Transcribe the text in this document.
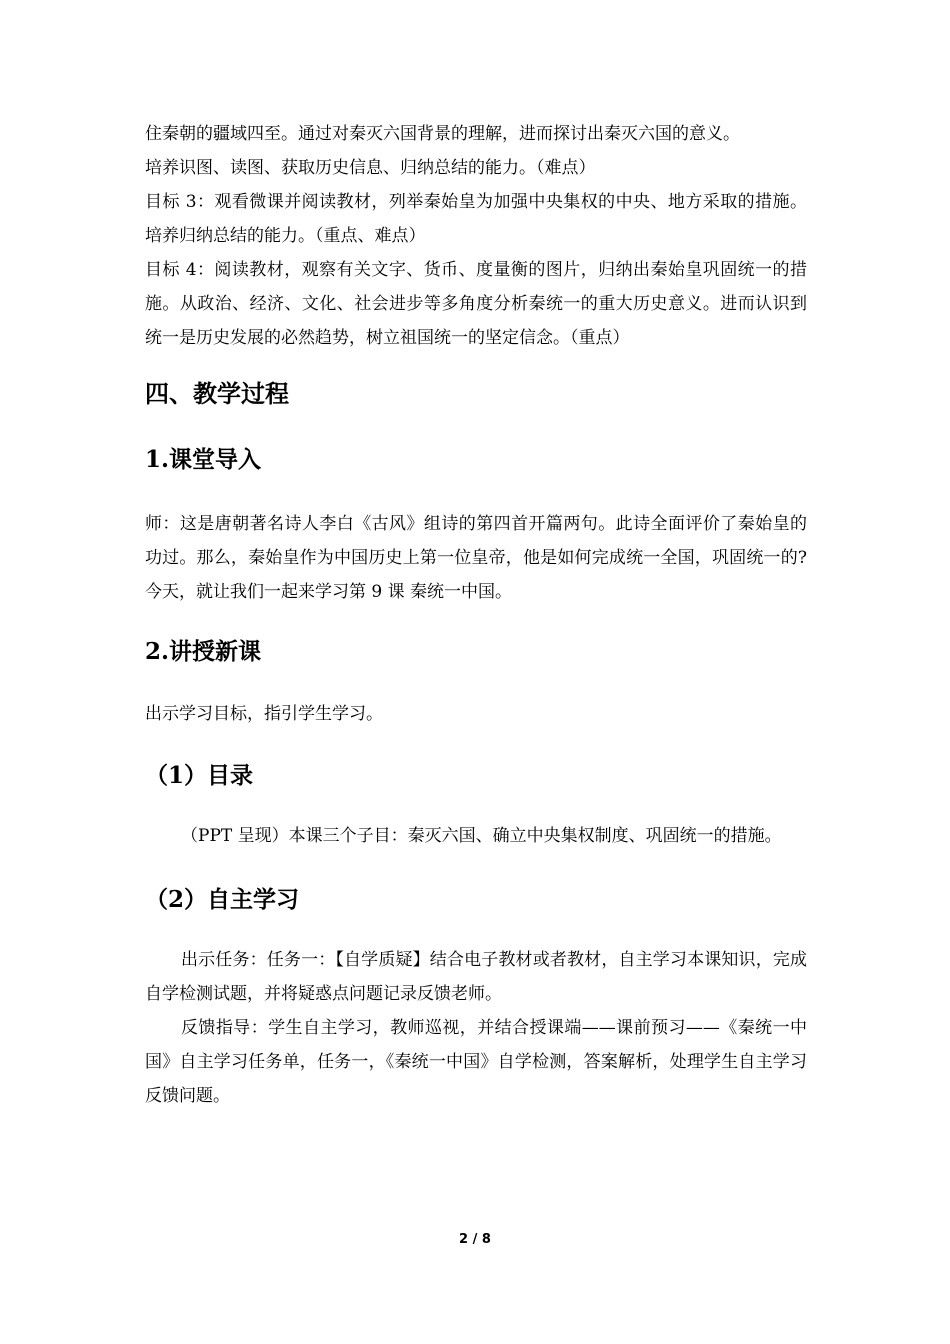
住秦朝的疆域四至。通过对秦灭六国背景的理解，进而探讨出秦灭六国的意义。

培养识图、读图、获取历史信息、归纳总结的能力。（难点）

目标 3：观看微课并阅读教材，列举秦始皇为加强中央集权的中央、地方采取的措施。培养归纳总结的能力。（重点、难点）

目标 4：阅读教材，观察有关文字、货币、度量衡的图片，归纳出秦始皇巩固统一的措施。从政治、经济、文化、社会进步等多角度分析秦统一的重大历史意义。进而认识到统一是历史发展的必然趋势，树立祖国统一的坚定信念。（重点）

四、教学过程
1.课堂导入

师：这是唐朝著名诗人李白《古风》组诗的第四首开篇两句。此诗全面评价了秦始皇的功过。那么，秦始皇作为中国历史上第一位皇帝，他是如何完成统一全国，巩固统一的?今天，就让我们一起来学习第 9 课 秦统一中国。

2.讲授新课

出示学习目标，指引学生学习。

（1）目录

（PPT 呈现）本课三个子目：秦灭六国、确立中央集权制度、巩固统一的措施。

（2）自主学习

出示任务：任务一：【自学质疑】结合电子教材或者教材，自主学习本课知识，完成自学检测试题，并将疑惑点问题记录反馈老师。

反馈指导：学生自主学习，教师巡视，并结合授课端——课前预习——《秦统一中国》自主学习任务单，任务一，《秦统一中国》自学检测，答案解析，处理学生自主学习反馈问题。

2 / 8
